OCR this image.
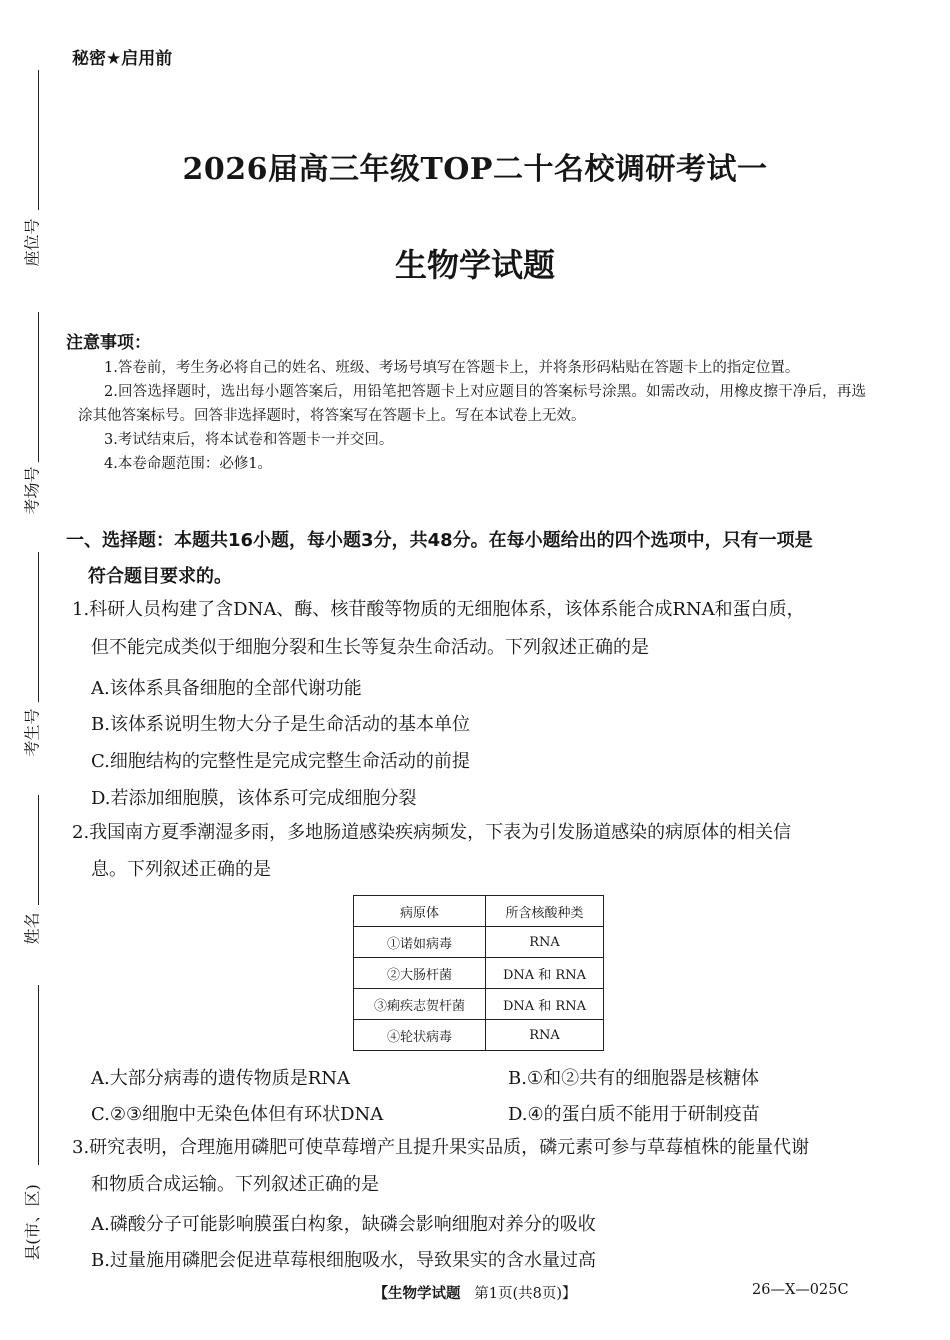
秘密★启用前
2026届高三年级TOP二十名校调研考试一
生物学试题
座位号
考场号
考生号
姓名
县(市、区)
注意事项：

1.答卷前，考生务必将自己的姓名、班级、考场号填写在答题卡上，并将条形码粘贴在答题卡上的指定位置。

2.回答选择题时，选出每小题答案后，用铅笔把答题卡上对应题目的答案标号涂黑。如需改动，用橡皮擦干净后，再选涂其他答案标号。回答非选择题时，将答案写在答题卡上。写在本试卷上无效。

3.考试结束后，将本试卷和答题卡一并交回。

4.本卷命题范围：必修1。

一、选择题：本题共16小题，每小题3分，共48分。在每小题给出的四个选项中，只有一项是
符合题目要求的。
1.科研人员构建了含DNA、酶、核苷酸等物质的无细胞体系，该体系能合成RNA和蛋白质，
但不能完成类似于细胞分裂和生长等复杂生命活动。下列叙述正确的是
A.该体系具备细胞的全部代谢功能
B.该体系说明生物大分子是生命活动的基本单位
C.细胞结构的完整性是完成完整生命活动的前提
D.若添加细胞膜，该体系可完成细胞分裂
2.我国南方夏季潮湿多雨，多地肠道感染疾病频发，下表为引发肠道感染的病原体的相关信
息。下列叙述正确的是
病原体	所含核酸种类
①诺如病毒	RNA
②大肠杆菌	DNA 和 RNA
③痢疾志贺杆菌	DNA 和 RNA
④轮状病毒	RNA
A.大部分病毒的遗传物质是RNA	B.①和②共有的细胞器是核糖体
C.②③细胞中无染色体但有环状DNA	D.④的蛋白质不能用于研制疫苗
3.研究表明，合理施用磷肥可使草莓增产且提升果实品质，磷元素可参与草莓植株的能量代谢
和物质合成运输。下列叙述正确的是
A.磷酸分子可能影响膜蛋白构象，缺磷会影响细胞对养分的吸收
B.过量施用磷肥会促进草莓根细胞吸水，导致果实的含水量过高
【生物学试题 第1页(共8页)】	26—X—025C
